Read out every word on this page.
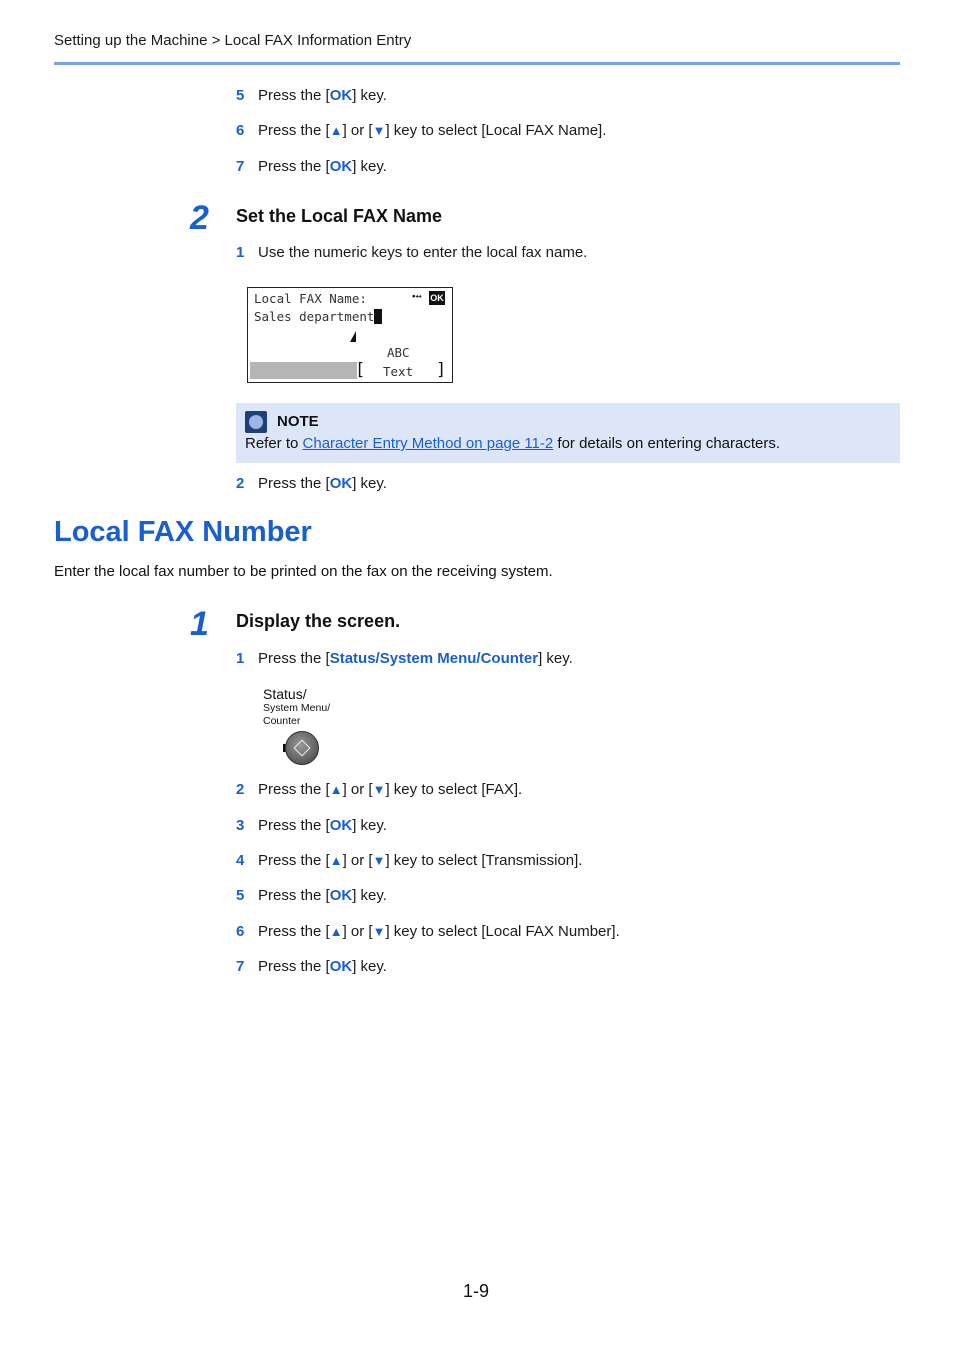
Setting up the Machine > Local FAX Information Entry
5 Press the [OK] key.
6 Press the [▲] or [▼] key to select [Local FAX Name].
7 Press the [OK] key.
2 Set the Local FAX Name
1 Use the numeric keys to enter the local fax name.
Local FAX Name:	⬩↔ OK
Sales department
ABC
[ Text ]
NOTE
Refer to Character Entry Method on page 11-2 for details on entering characters.
2 Press the [OK] key.
Local FAX Number
Enter the local fax number to be printed on the fax on the receiving system.
1 Display the screen.
1 Press the [Status/System Menu/Counter] key.
Status/
System Menu/
Counter
2 Press the [▲] or [▼] key to select [FAX].
3 Press the [OK] key.
4 Press the [▲] or [▼] key to select [Transmission].
5 Press the [OK] key.
6 Press the [▲] or [▼] key to select [Local FAX Number].
7 Press the [OK] key.
1-9
